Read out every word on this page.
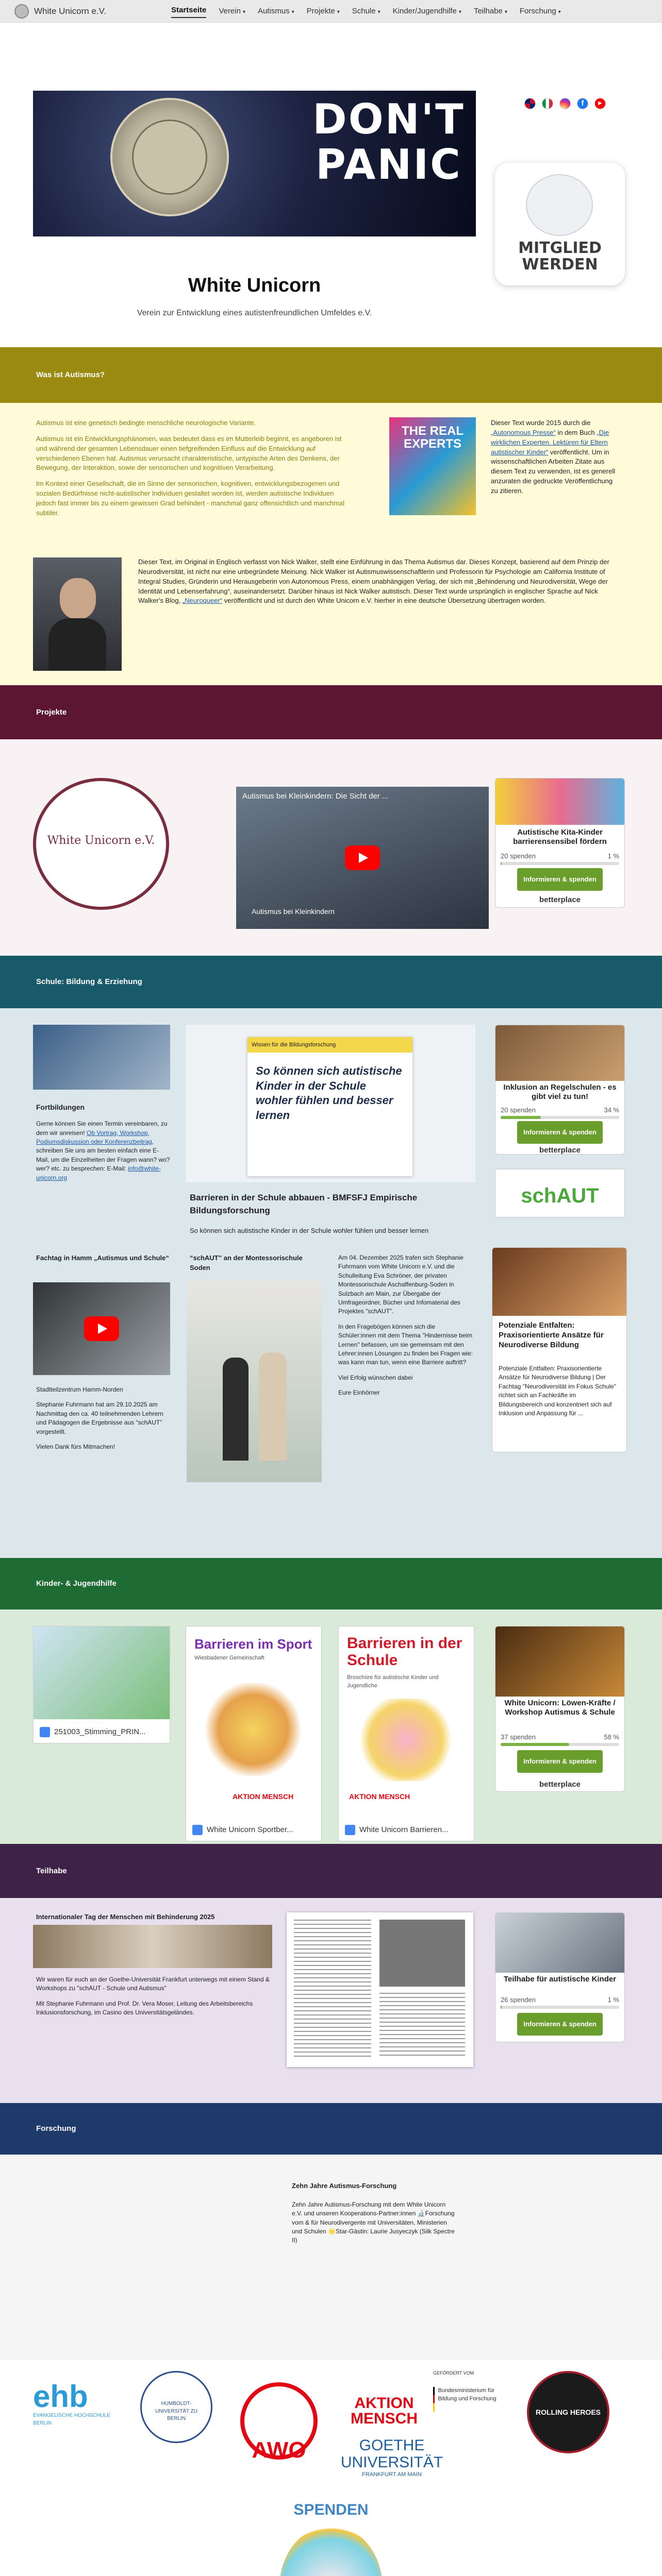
White Unicorn e.V.	Startseite Verein ▾ Autismus ▾ Projekte ▾ Schule ▾ Kinder/Jugendhilfe ▾ Teilhabe ▾ Forschung ▾
DON'T
PANIC
f	▶
MITGLIED
WERDEN
White Unicorn
Verein zur Entwicklung eines autistenfreundlichen Umfeldes e.V.
Was ist Autismus?

Autismus ist eine genetisch bedingte menschliche neurologische Variante.

Autismus ist ein Entwicklungsphänomen, was bedeutet dass es im Mutterleib beginnt, es angeboren ist und während der gesamten Lebensdauer einen tiefgreifenden Einfluss auf die Entwicklung auf verschiedenen Ebenen hat. Autismus verursacht charakteristische, untypische Arten des Denkens, der Bewegung, der Interaktion, sowie der sensorischen und kognitiven Verarbeitung.

Im Kontext einer Gesellschaft, die im Sinne der sensorischen, kognitiven, entwicklungsbezogenen und sozialen Bedürfnisse nicht-autistischer Individuen gestaltet worden ist, werden autistische Individuen jedoch fast immer bis zu einem gewissen Grad behindert - manchmal ganz offensichtlich und manchmal subtiler.

THE REAL EXPERTS
Dieser Text wurde 2015 durch die „Autonomous Presse“ in dem Buch „Die wirklichen Experten. Lektüren für Eltern autistischer Kinder“ veröffentlicht. Um in wissenschaftlichen Arbeiten Zitate aus diesem Text zu verwenden, ist es generell anzuraten die gedruckte Veröffentlichung zu zitieren.
Dieser Text, im Original in Englisch verfasst von Nick Walker, stellt eine Einführung in das Thema Autismus dar. Dieses Konzept, basierend auf dem Prinzip der Neurodiversität, ist nicht nur eine unbegründete Meinung. Nick Walker ist Autismuswissenschaftlerin und Professorin für Psychologie am California Institute of Integral Studies, Gründerin und Herausgeberin von Autonomous Press, einem unabhängigen Verlag, der sich mit „Behinderung und Neurodiversität, Wege der Identität und Lebenserfahrung“, auseinandersetzt. Darüber hinaus ist Nick Walker autistisch. Dieser Text wurde ursprünglich in englischer Sprache auf Nick Walker's Blog, „Neuroqueer“ veröffentlicht und ist durch den White Unicorn e.V. hierher in eine deutsche Übersetzung übertragen worden.
Projekte
White Unicorn e.V.
Autismus bei Kleinkindern: Die Sicht der ...
Autismus bei Kleinkindern
Autistische Kita-Kinder barrierensensibel fördern
20 spenden	1 %
Informieren & spenden
betterplace
Schule: Bildung & Erziehung
Fortbildungen
Gerne können Sie einen Termin vereinbaren, zu dem wir anreisen! Ob Vortrag, Workshop, Podiumsdiskussion oder Konferenzbeitrag, schreiben Sie uns am besten einfach eine E-Mail, um die Einzelheiten der Fragen wann? wo? wer? etc. zu besprechen: E-Mail: info@white-unicorn.org
Wissen für die Bildungsforschung
So können sich autistische Kinder in der Schule wohler fühlen und besser lernen
Barrieren in der Schule abbauen - BMFSFJ Empirische Bildungsforschung
So können sich autistische Kinder in der Schule wohler fühlen und besser lernen
Inklusion an Regelschulen - es gibt viel zu tun!
20 spenden	34 %
Informieren & spenden
betterplace
schAUT
Fachtag in Hamm „Autismus und Schule“

Stadtteilzentrum Hamm-Norden

Stephanie Fuhrmann hat am 29.10.2025 am Nachmittag den ca. 40 teilnehmenden Lehrern und Pädagogen die Ergebnisse aus “schAUT” vorgestellt.

Vielen Dank fürs Mitmachen!

“schAUT” an der Montessorischule Soden

Am 04. Dezember 2025 trafen sich Stephanie Fuhrmann vom White Unicorn e.V. und die Schulleitung Eva Schröner, der privaten Montessorischule Aschaffenburg-Soden in Sulzbach am Main, zur Übergabe der Umfrageordner, Bücher und Infomaterial des Projektes “schAUT”.

In den Fragebögen können sich die Schüler:innen mit dem Thema "Hindernisse beim Lernen" befassen, um sie gemeinsam mit den Lehrer:innen Lösungen zu finden bei Fragen wie: was kann man tun, wenn eine Barriere auftritt?

Viel Erfolg wünschen dabei

Eure Einhörner

Potenziale Entfalten: Praxisorientierte Ansätze für Neurodiverse Bildung
Potenziale Entfalten: Praxisorientierte Ansätze für Neurodiverse Bildung | Der Fachtag "Neurodiversität im Fokus Schule" richtet sich an Fachkräfte im Bildungsbereich und konzentriert sich auf Inklusion und Anpassung für ...
Kinder- & Jugendhilfe
251003_Stimming_PRIN...
Barrieren im Sport
Wiesbadener Gemeinschaft
AKTION MENSCH
White Unicorn Sportber...
Barrieren in der Schule
Broschüre für autistische Kinder und Jugendliche
AKTION MENSCH
White Unicorn Barrieren...
White Unicorn: Löwen-Kräfte / Workshop Autismus & Schule
37 spenden	58 %
Informieren & spenden
betterplace
Teilhabe
Internationaler Tag der Menschen mit Behinderung 2025

Wir waren für euch an der Goethe-Universität Frankfurt unterwegs mit einem Stand & Workshops zu "schAUT - Schule und Autismus"

Mit Stephanie Fuhrmann und Prof. Dr. Vera Moser, Leitung des Arbeitsbereichs Inklusionsforschung, im Casino des Universitätsgeländes.

Teilhabe für autistische Kinder
26 spenden	1 %
Informieren & spenden
Forschung
Zehn Jahre Autismus-Forschung
Zehn Jahre Autismus-Forschung mit dem White Unicorn e.V. und unseren Kooperations-Partner:innen 🔬Forschung vom & für Neurodivergente mit Universitäten, Ministerien und Schulen 🌟Star-Gästin: Laurie Jusyeczyk (Silk Spectre II)
ehb
EVANGELISCHE HOCHSCHULE BERLIN
HUMBOLDT-UNIVERSITÄT ZU BERLIN
AWO
AKTION MENSCH
GEFÖRDERT VOM
Bundesministerium für Bildung und Forschung
ROLLING HEROES
GOETHE UNIVERSITÄT
FRANKFURT AM MAIN
SPENDEN
